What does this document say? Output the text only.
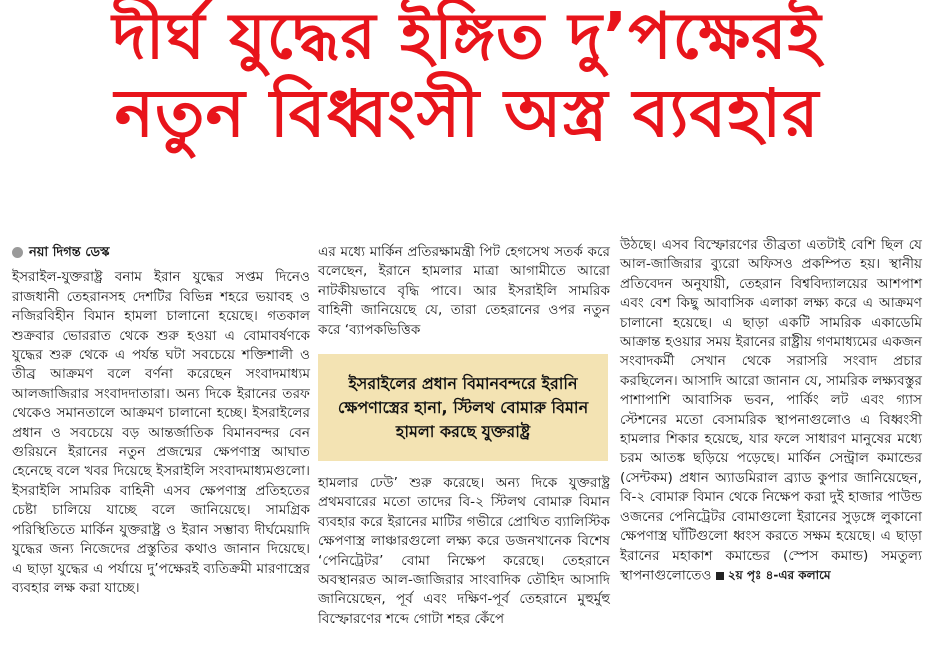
দীর্ঘ যুদ্ধের ইঙ্গিত দু’পক্ষেরই
নতুন বিধ্বংসী অস্ত্র ব্যবহার
নয়া দিগন্ত ডেস্ক

ইসরাইল-যুক্তরাষ্ট্র বনাম ইরান যুদ্ধের সপ্তম দিনেও রাজধানী তেহরানসহ দেশটির বিভিন্ন শহরে ভয়াবহ ও নজিরবিহীন বিমান হামলা চালানো হয়েছে। গতকাল শুক্রবার ভোররাত থেকে শুরু হওয়া এ বোমাবর্ষণকে যুদ্ধের শুরু থেকে এ পর্যন্ত ঘটা সবচেয়ে শক্তিশালী ও তীব্র আক্রমণ বলে বর্ণনা করেছেন সংবাদমাধ্যম আলজাজিরার সংবাদদাতারা। অন্য দিকে ইরানের তরফ থেকেও সমানতালে আক্রমণ চালানো হচ্ছে। ইসরাইলের প্রধান ও সবচেয়ে বড় আন্তর্জাতিক বিমানবন্দর বেন গুরিয়নে ইরানের নতুন প্রজন্মের ক্ষেপণাস্ত্র আঘাত হেনেছে বলে খবর দিয়েছে ইসরাইলি সংবাদমাধ্যমগুলো। ইসরাইলি সামরিক বাহিনী এসব ক্ষেপণাস্ত্র প্রতিহতের চেষ্টা চালিয়ে যাচ্ছে বলে জানিয়েছে। সামগ্রিক পরিস্থিতিতে মার্কিন যুক্তরাষ্ট্র ও ইরান সম্ভাব্য দীর্ঘমেয়াদি যুদ্ধের জন্য নিজেদের প্রস্তুতির কথাও জানান দিয়েছে। এ ছাড়া যুদ্ধের এ পর্যায়ে দু’পক্ষেরই ব্যতিক্রমী মারণাস্ত্রের ব্যবহার লক্ষ করা যাচ্ছে।

এর মধ্যে মার্কিন প্রতিরক্ষামন্ত্রী পিট হেগসেথ সতর্ক করে বলেছেন, ইরানে হামলার মাত্রা আগামীতে আরো নাটকীয়ভাবে বৃদ্ধি পাবে। আর ইসরাইলি সামরিক বাহিনী জানিয়েছে যে, তারা তেহরানের ওপর নতুন করে ‘ব্যাপকভিত্তিক

ইসরাইলের প্রধান বিমানবন্দরে ইরানি ক্ষেপণাস্ত্রের হানা, স্টিলথ বোমারু বিমান হামলা করছে যুক্তরাষ্ট্র

হামলার ঢেউ’ শুরু করেছে। অন্য দিকে যুক্তরাষ্ট্র প্রথমবারের মতো তাদের বি-২ স্টিলথ বোমারু বিমান ব্যবহার করে ইরানের মাটির গভীরে প্রোথিত ব্যালিস্টিক ক্ষেপণাস্ত্র লাঞ্চারগুলো লক্ষ্য করে ডজনখানেক বিশেষ ‘পেনিট্রেটর’ বোমা নিক্ষেপ করেছে। তেহরানে অবস্থানরত আল-জাজিরার সাংবাদিক তৌহিদ আসাদি জানিয়েছেন, পূর্ব এবং দক্ষিণ-পূর্ব তেহরানে মুহুর্মুহু বিস্ফোরণের শব্দে গোটা শহর কেঁপে

উঠছে। এসব বিস্ফোরণের তীব্রতা এতটাই বেশি ছিল যে আল-জাজিরার ব্যুরো অফিসও প্রকম্পিত হয়। স্থানীয় প্রতিবেদন অনুযায়ী, তেহরান বিশ্ববিদ্যালয়ের আশপাশ এবং বেশ কিছু আবাসিক এলাকা লক্ষ্য করে এ আক্রমণ চালানো হয়েছে। এ ছাড়া একটি সামরিক একাডেমি আক্রান্ত হওয়ার সময় ইরানের রাষ্ট্রীয় গণমাধ্যমের একজন সংবাদকর্মী সেখান থেকে সরাসরি সংবাদ প্রচার করছিলেন। আসাদি আরো জানান যে, সামরিক লক্ষ্যবস্তুর পাশাপাশি আবাসিক ভবন, পার্কিং লট এবং গ্যাস স্টেশনের মতো বেসামরিক স্থাপনাগুলোও এ বিধ্বংসী হামলার শিকার হয়েছে, যার ফলে সাধারণ মানুষের মধ্যে চরম আতঙ্ক ছড়িয়ে পড়েছে। মার্কিন সেন্ট্রাল কমান্ডের (সেন্টকম) প্রধান অ্যাডমিরাল ব্র্যাড কুপার জানিয়েছেন, বি-২ বোমারু বিমান থেকে নিক্ষেপ করা দুই হাজার পাউন্ড ওজনের পেনিট্রেটর বোমাগুলো ইরানের সুড়ঙ্গে লুকানো ক্ষেপণাস্ত্র ঘাঁটিগুলো ধ্বংস করতে সক্ষম হয়েছে। এ ছাড়া ইরানের মহাকাশ কমান্ডের (স্পেস কমান্ড) সমতুল্য স্থাপনাগুলোতেও ২য় পৃঃ ৪-এর কলামে
